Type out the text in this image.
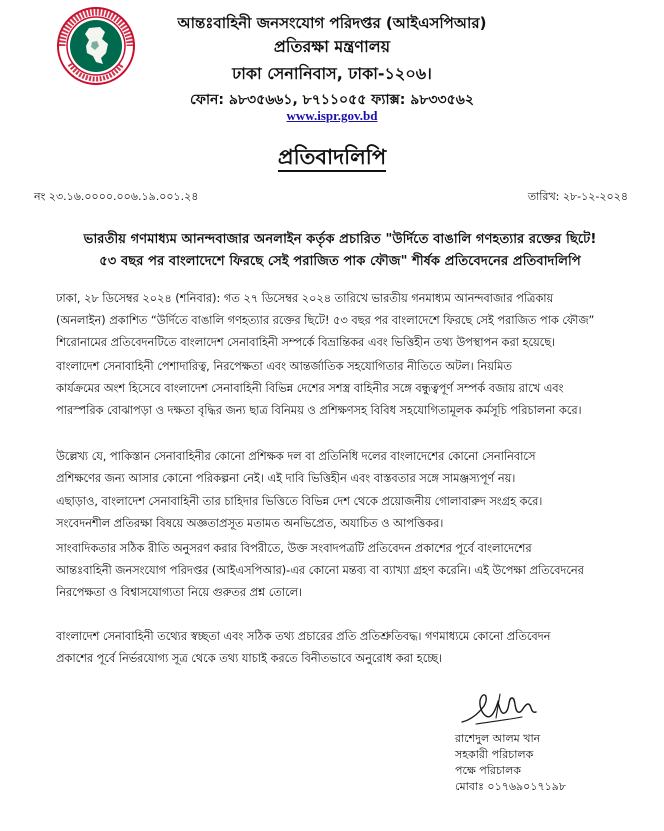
আন্তঃবাহিনী জনসংযোগ পরিদপ্তর (আইএসপিআর)
প্রতিরক্ষা মন্ত্রণালয়
ঢাকা সেনানিবাস, ঢাকা-১২০৬।
ফোন: ৯৮৩৫৬৬১, ৮৭১১০৫৫ ফ্যাক্স: ৯৮৩৩৫৬২
www.ispr.gov.bd
প্রতিবাদলিপি
নং ২৩.১৬.০০০০.০০৬.১৯.০০১.২৪	তারিখ: ২৮-১২-২০২৪
ভারতীয় গণমাধ্যম আনন্দবাজার অনলাইন কর্তৃক প্রচারিত "উর্দিতে বাঙালি গণহত্যার রক্তের ছিটে!
৫৩ বছর পর বাংলাদেশে ফিরছে সেই পরাজিত পাক ফৌজ" শীর্ষক প্রতিবেদনের প্রতিবাদলিপি
ঢাকা, ২৮ ডিসেম্বর ২০২৪ (শনিবার): গত ২৭ ডিসেম্বর ২০২৪ তারিখে ভারতীয় গনমাধ্যম আনন্দবাজার পত্রিকায়
(অনলাইন) প্রকাশিত “উর্দিতে বাঙালি গণহত্যার রক্তের ছিটে! ৫৩ বছর পর বাংলাদেশে ফিরছে সেই পরাজিত পাক ফৌজ”
শিরোনামের প্রতিবেদনটিতে বাংলাদেশ সেনাবাহিনী সম্পর্কে বিভ্রান্তিকর এবং ভিত্তিহীন তথ্য উপস্থাপন করা হয়েছে।
বাংলাদেশ সেনাবাহিনী পেশাদারিত্ব, নিরপেক্ষতা এবং আন্তর্জাতিক সহযোগিতার নীতিতে অটল। নিয়মিত
কার্যক্রমের অংশ হিসেবে বাংলাদেশ সেনাবাহিনী বিভিন্ন দেশের সশস্ত্র বাহিনীর সঙ্গে বন্ধুত্বপূর্ণ সম্পর্ক বজায় রাখে এবং
পারস্পরিক বোঝাপড়া ও দক্ষতা বৃদ্ধির জন্য ছাত্র বিনিময় ও প্রশিক্ষণসহ বিবিধ সহযোগিতামূলক কর্মসূচি পরিচালনা করে।
উল্লেখ্য যে, পাকিস্তান সেনাবাহিনীর কোনো প্রশিক্ষক দল বা প্রতিনিধি দলের বাংলাদেশের কোনো সেনানিবাসে
প্রশিক্ষণের জন্য আসার কোনো পরিকল্পনা নেই। এই দাবি ভিত্তিহীন এবং বাস্তবতার সঙ্গে সামঞ্জস্যপূর্ণ নয়।
এছাড়াও, বাংলাদেশ সেনাবাহিনী তার চাহিদার ভিত্তিতে বিভিন্ন দেশ থেকে প্রয়োজনীয় গোলাবারুদ সংগ্রহ করে।
সংবেদনশীল প্রতিরক্ষা বিষয়ে অজ্ঞতাপ্রসূত মতামত অনভিপ্রেত, অযাচিত ও আপত্তিকর।
সাংবাদিকতার সঠিক রীতি অনুসরণ করার বিপরীতে, উক্ত সংবাদপত্রটি প্রতিবেদন প্রকাশের পূর্বে বাংলাদেশের
আন্তঃবাহিনী জনসংযোগ পরিদপ্তর (আইএসপিআর)-এর কোনো মন্তব্য বা ব্যাখ্যা গ্রহণ করেনি। এই উপেক্ষা প্রতিবেদনের
নিরপেক্ষতা ও বিশ্বাসযোগ্যতা নিয়ে গুরুতর প্রশ্ন তোলে।
বাংলাদেশ সেনাবাহিনী তথ্যের স্বচ্ছতা এবং সঠিক তথ্য প্রচারের প্রতি প্রতিশ্রুতিবদ্ধ। গণমাধ্যমে কোনো প্রতিবেদন
প্রকাশের পূর্বে নির্ভরযোগ্য সূত্র থেকে তথ্য যাচাই করতে বিনীতভাবে অনুরোধ করা হচ্ছে।
রাশেদুল আলম খান
সহকারী পরিচালক
পক্ষে পরিচালক
মোবাঃ ০১৭৬৯০১৭১৯৮
